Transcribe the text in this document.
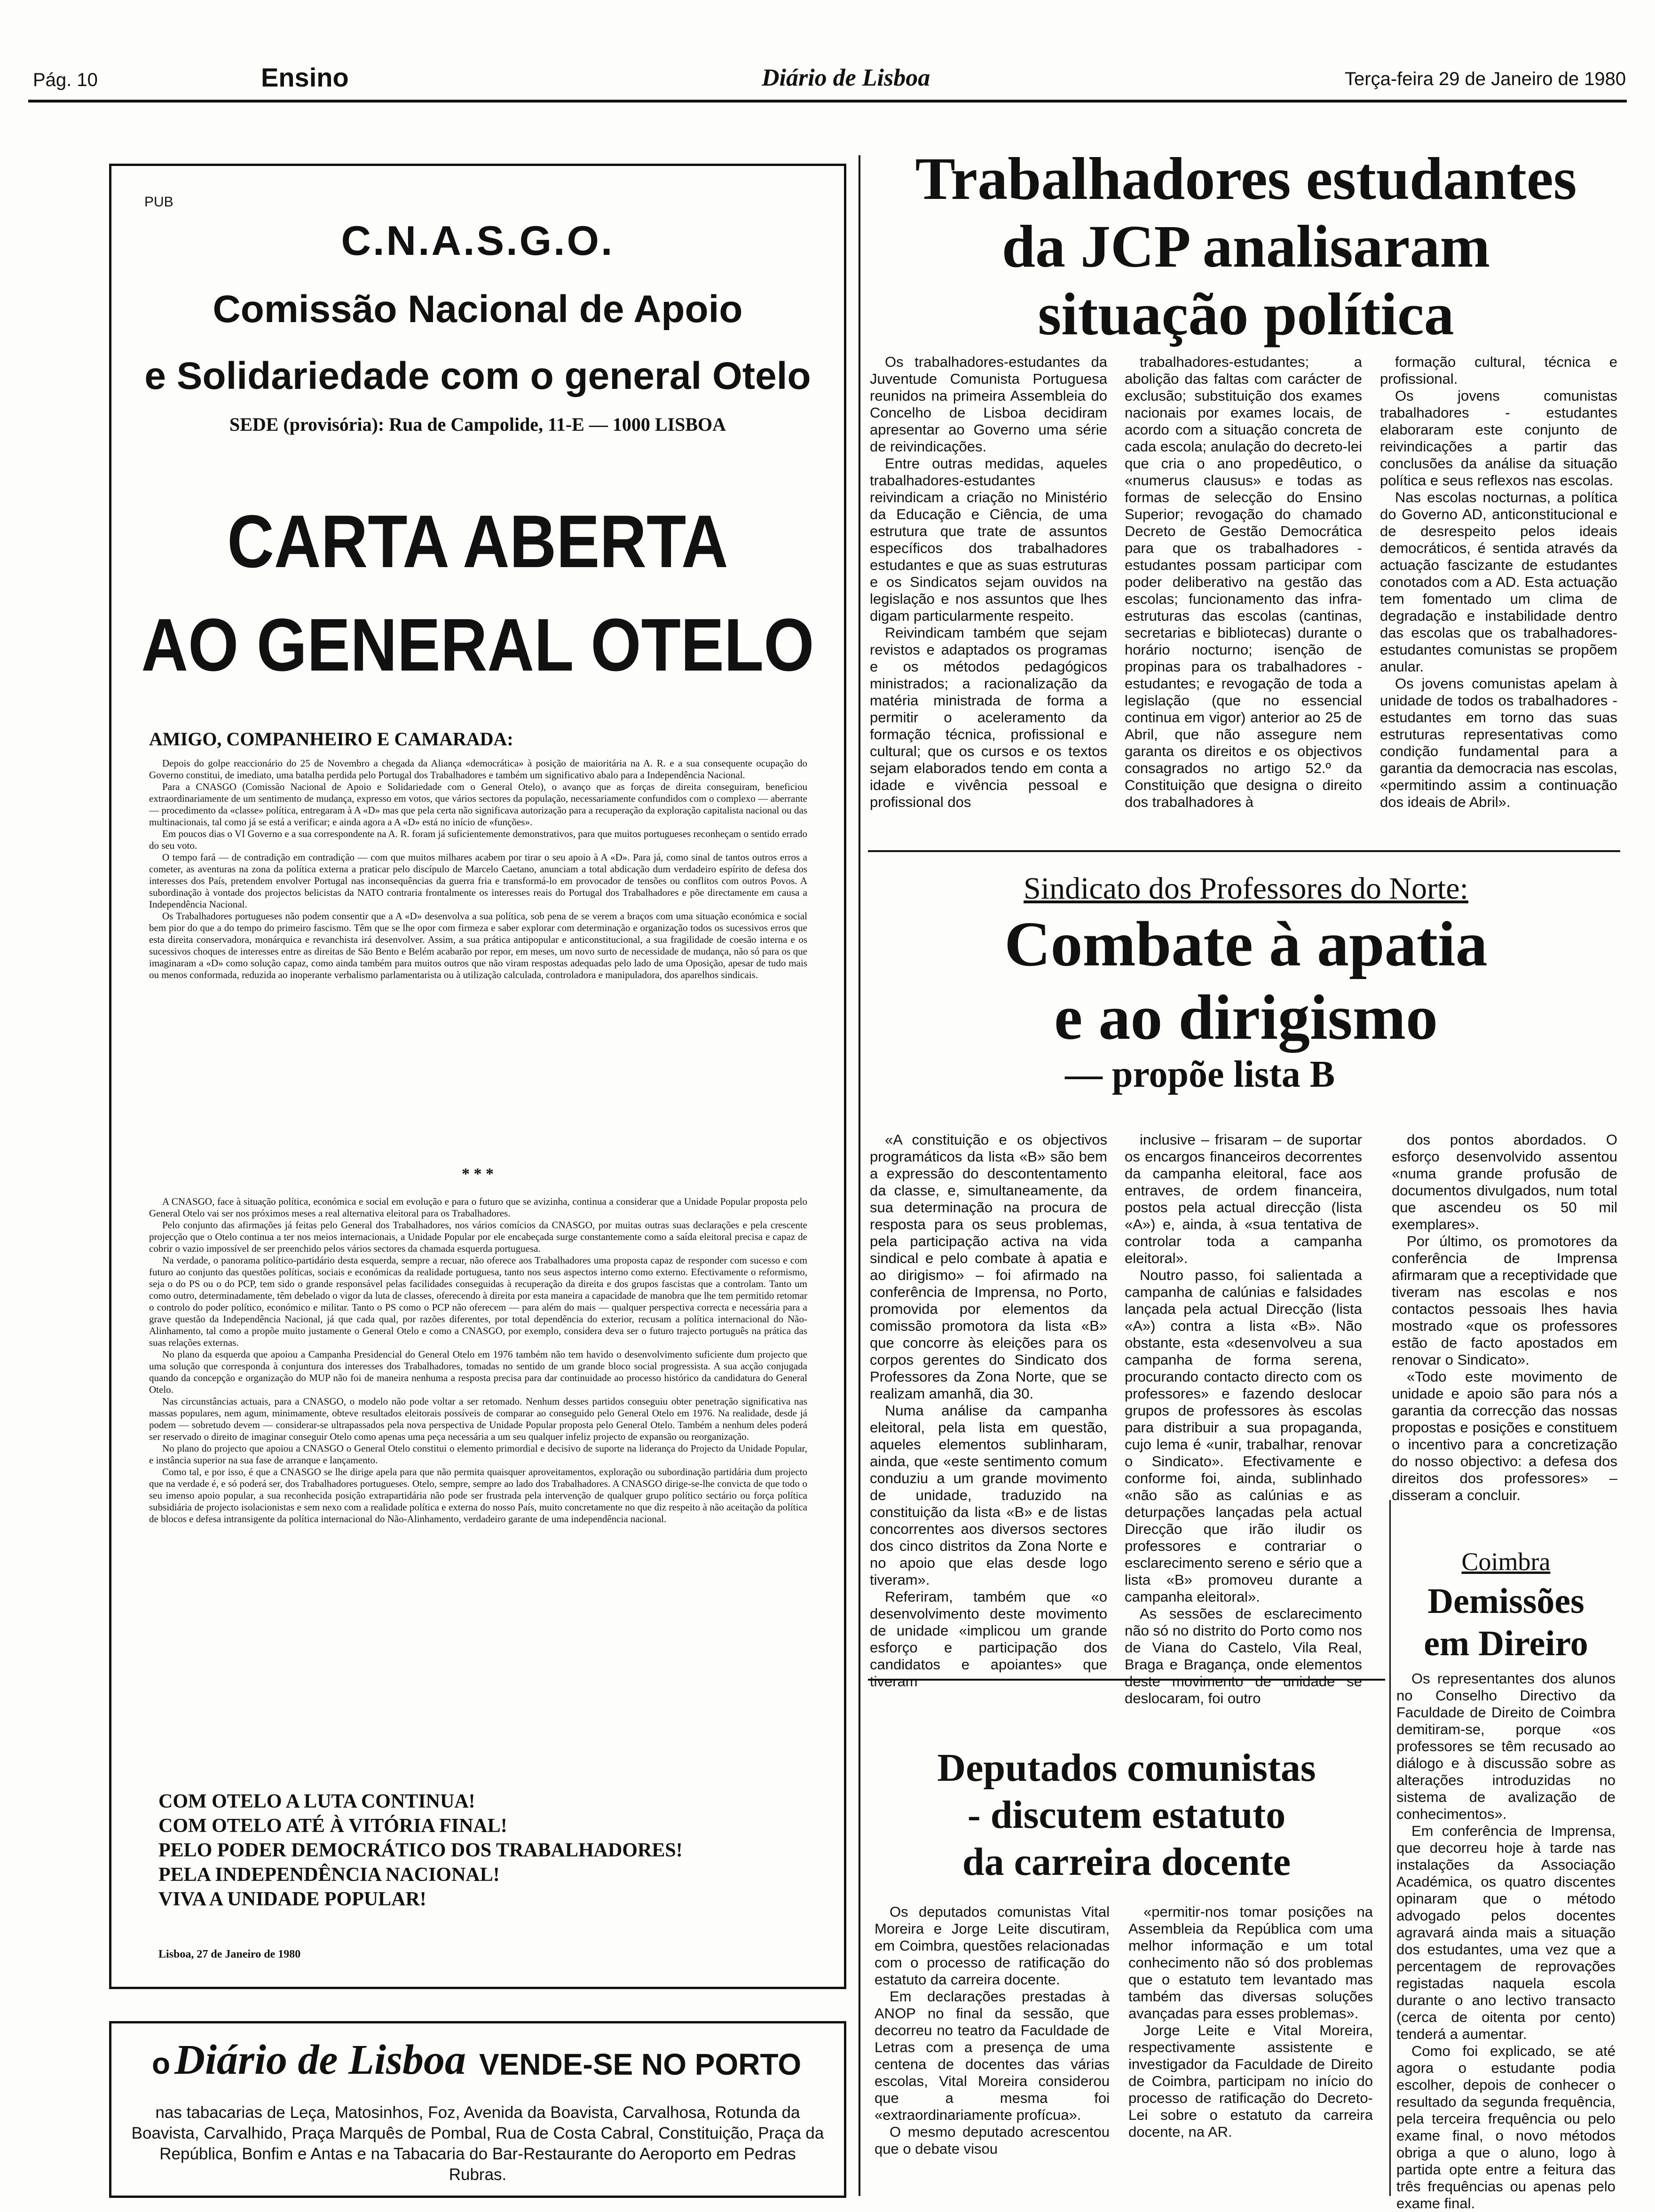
Pág. 10	Ensino	Diário de Lisboa	Terça-feira 29 de Janeiro de 1980
PUB
C.N.A.S.G.O.
Comissão Nacional de Apoio
e Solidariedade com o general Otelo
SEDE (provisória): Rua de Campolide, 11-E — 1000 LISBOA
CARTA ABERTA
AO GENERAL OTELO
AMIGO, COMPANHEIRO E CAMARADA:

Depois do golpe reaccionário do 25 de Novembro a chegada da Aliança «democrática» à posição de maioritária na A. R. e a sua consequente ocupação do Governo constitui, de imediato, uma batalha perdida pelo Portugal dos Trabalhadores e também um significativo abalo para a Independência Nacional.

Para a CNASGO (Comissão Nacional de Apoio e Solidariedade com o General Otelo), o avanço que as forças de direita conseguiram, beneficiou extraordinariamente de um sentimento de mudança, expresso em votos, que vários sectores da população, necessariamente confundidos com o complexo — aberrante — procedimento da «classe» política, entregaram à A «D» mas que pela certa não significava autorização para a recuperação da exploração capitalista nacional ou das multinacionais, tal como já se está a verificar; e ainda agora a A «D» está no início de «funções».

Em poucos dias o VI Governo e a sua correspondente na A. R. foram já suficientemente demonstrativos, para que muitos portugueses reconheçam o sentido errado do seu voto.

O tempo fará — de contradição em contradição — com que muitos milhares acabem por tirar o seu apoio à A «D». Para já, como sinal de tantos outros erros a cometer, as aventuras na zona da política externa a praticar pelo discípulo de Marcelo Caetano, anunciam a total abdicação dum verdadeiro espírito de defesa dos interesses dos País, pretendem envolver Portugal nas inconsequências da guerra fria e transformá-lo em provocador de tensões ou conflitos com outros Povos. A subordinação à vontade dos projectos belicistas da NATO contraria frontalmente os interesses reais do Portugal dos Trabalhadores e põe directamente em causa a Independência Nacional.

Os Trabalhadores portugueses não podem consentir que a A «D» desenvolva a sua política, sob pena de se verem a braços com uma situação económica e social bem pior do que a do tempo do primeiro fascismo. Têm que se lhe opor com firmeza e saber explorar com determinação e organização todos os sucessivos erros que esta direita conservadora, monárquica e revanchista irá desenvolver. Assim, a sua prática antipopular e anticonstitucional, a sua fragilidade de coesão interna e os sucessivos choques de interesses entre as direitas de São Bento e Belém acabarão por repor, em meses, um novo surto de necessidade de mudança, não só para os que imaginaram a «D» como solução capaz, como ainda também para muitos outros que não viram respostas adequadas pelo lado de uma Oposição, apesar de tudo mais ou menos conformada, reduzida ao inoperante verbalismo parlamentarista ou à utilização calculada, controladora e manipuladora, dos aparelhos sindicais.

* * *

A CNASGO, face à situação política, económica e social em evolução e para o futuro que se avizinha, continua a considerar que a Unidade Popular proposta pelo General Otelo vai ser nos próximos meses a real alternativa eleitoral para os Trabalhadores.

Pelo conjunto das afirmações já feitas pelo General dos Trabalhadores, nos vários comícios da CNASGO, por muitas outras suas declarações e pela crescente projecção que o Otelo continua a ter nos meios internacionais, a Unidade Popular por ele encabeçada surge constantemente como a saída eleitoral precisa e capaz de cobrir o vazio impossível de ser preenchido pelos vários sectores da chamada esquerda portuguesa.

Na verdade, o panorama político-partidário desta esquerda, sempre a recuar, não oferece aos Trabalhadores uma proposta capaz de responder com sucesso e com futuro ao conjunto das questões políticas, sociais e económicas da realidade portuguesa, tanto nos seus aspectos interno como externo. Efectivamente o reformismo, seja o do PS ou o do PCP, tem sido o grande responsável pelas facilidades conseguidas à recuperação da direita e dos grupos fascistas que a controlam. Tanto um como outro, determinadamente, têm debelado o vigor da luta de classes, oferecendo à direita por esta maneira a capacidade de manobra que lhe tem permitido retomar o controlo do poder político, económico e militar. Tanto o PS como o PCP não oferecem — para além do mais — qualquer perspectiva correcta e necessária para a grave questão da Independência Nacional, já que cada qual, por razões diferentes, por total dependência do exterior, recusam a política internacional do Não-Alinhamento, tal como a propõe muito justamente o General Otelo e como a CNASGO, por exemplo, considera deva ser o futuro trajecto português na prática das suas relações externas.

No plano da esquerda que apoiou a Campanha Presidencial do General Otelo em 1976 também não tem havido o desenvolvimento suficiente dum projecto que uma solução que corresponda à conjuntura dos interesses dos Trabalhadores, tomadas no sentido de um grande bloco social progressista. A sua acção conjugada quando da concepção e organização do MUP não foi de maneira nenhuma a resposta precisa para dar continuidade ao processo histórico da candidatura do General Otelo.

Nas circunstâncias actuais, para a CNASGO, o modelo não pode voltar a ser retomado. Nenhum desses partidos conseguiu obter penetração significativa nas massas populares, nem agum, minimamente, obteve resultados eleitorais possíveis de comparar ao conseguido pelo General Otelo em 1976. Na realidade, desde já podem — sobretudo devem — considerar-se ultrapassados pela nova perspectiva de Unidade Popular proposta pelo General Otelo. Também a nenhum deles poderá ser reservado o direito de imaginar conseguir Otelo como apenas uma peça necessária a um seu qualquer infeliz projecto de expansão ou reorganização.

No plano do projecto que apoiou a CNASGO o General Otelo constitui o elemento primordial e decisivo de suporte na liderança do Projecto da Unidade Popular, e instância superior na sua fase de arranque e lançamento.

Como tal, e por isso, é que a CNASGO se lhe dirige apela para que não permita quaisquer aproveitamentos, exploração ou subordinação partidária dum projecto que na verdade é, e só poderá ser, dos Trabalhadores portugueses. Otelo, sempre, sempre ao lado dos Trabalhadores. A CNASGO dirige-se-lhe convicta de que todo o seu imenso apoio popular, a sua reconhecida posição extrapartidária não pode ser frustrada pela intervenção de qualquer grupo político sectário ou força política subsidiária de projecto isolacionistas e sem nexo com a realidade política e externa do nosso País, muito concretamente no que diz respeito à não aceitação da política de blocos e defesa intransigente da política internacional do Não-Alinhamento, verdadeiro garante de uma independência nacional.

COM OTELO A LUTA CONTINUA!
COM OTELO ATÉ À VITÓRIA FINAL!
PELO PODER DEMOCRÁTICO DOS TRABALHADORES!
PELA INDEPENDÊNCIA NACIONAL!
VIVA A UNIDADE POPULAR!
Lisboa, 27 de Janeiro de 1980
o Diário de Lisboa VENDE-SE NO PORTO
nas tabacarias de Leça, Matosinhos, Foz, Avenida da Boavista, Carvalhosa, Rotunda da Boavista, Carvalhido, Praça Marquês de Pombal, Rua de Costa Cabral, Constituição, Praça da República, Bonfim e Antas e na Tabacaria do Bar-Restaurante do Aeroporto em Pedras Rubras.
Trabalhadores estudantes
da JCP analisaram
situação política

Os trabalhadores-estudantes da Juventude Comunista Portuguesa reunidos na primeira Assembleia do Concelho de Lisboa decidiram apresentar ao Governo uma série de reivindicações.

Entre outras medidas, aqueles trabalhadores-estudantes reivindicam a criação no Ministério da Educação e Ciência, de uma estrutura que trate de assuntos específicos dos trabalhadores estudantes e que as suas estruturas e os Sindicatos sejam ouvidos na legislação e nos assuntos que lhes digam particularmente respeito.

Reivindicam também que sejam revistos e adaptados os programas e os métodos pedagógicos ministrados; a racionalização da matéria ministrada de forma a permitir o aceleramento da formação técnica, profissional e cultural; que os cursos e os textos sejam elaborados tendo em conta a idade e vivência pessoal e profissional dos

trabalhadores-estudantes; a abolição das faltas com carácter de exclusão; substituição dos exames nacionais por exames locais, de acordo com a situação concreta de cada escola; anulação do decreto-lei que cria o ano propedêutico, o «numerus clausus» e todas as formas de selecção do Ensino Superior; revogação do chamado Decreto de Gestão Democrática para que os trabalhadores - estudantes possam participar com poder deliberativo na gestão das escolas; funcionamento das infra-estruturas das escolas (cantinas, secretarias e bibliotecas) durante o horário nocturno; isenção de propinas para os trabalhadores - estudantes; e revogação de toda a legislação (que no essencial continua em vigor) anterior ao 25 de Abril, que não assegure nem garanta os direitos e os objectivos consagrados no artigo 52.º da Constituição que designa o direito dos trabalhadores à

formação cultural, técnica e profissional.

Os jovens comunistas trabalhadores - estudantes elaboraram este conjunto de reivindicações a partir das conclusões da análise da situação política e seus reflexos nas escolas.

Nas escolas nocturnas, a política do Governo AD, anticonstitucional e de desrespeito pelos ideais democráticos, é sentida através da actuação fascizante de estudantes conotados com a AD. Esta actuação tem fomentado um clima de degradação e instabilidade dentro das escolas que os trabalhadores-estudantes comunistas se propõem anular.

Os jovens comunistas apelam à unidade de todos os trabalhadores - estudantes em torno das suas estruturas representativas como condição fundamental para a garantia da democracia nas escolas, «permitindo assim a continuação dos ideais de Abril».

Sindicato dos Professores do Norte:
Combate à apatia
e ao dirigismo
— propõe lista B

«A constituição e os objectivos programáticos da lista «B» são bem a expressão do descontentamento da classe, e, simultaneamente, da sua determinação na procura de resposta para os seus problemas, pela participação activa na vida sindical e pelo combate à apatia e ao dirigismo» – foi afirmado na conferência de Imprensa, no Porto, promovida por elementos da comissão promotora da lista «B» que concorre às eleições para os corpos gerentes do Sindicato dos Professores da Zona Norte, que se realizam amanhã, dia 30.

Numa análise da campanha eleitoral, pela lista em questão, aqueles elementos sublinharam, ainda, que «este sentimento comum conduziu a um grande movimento de unidade, traduzido na constituição da lista «B» e de listas concorrentes aos diversos sectores dos cinco distritos da Zona Norte e no apoio que elas desde logo tiveram».

Referiram, também que «o desenvolvimento deste movimento de unidade «implicou um grande esforço e participação dos candidatos e apoiantes» que tiveram

inclusive – frisaram – de suportar os encargos financeiros decorrentes da campanha eleitoral, face aos entraves, de ordem financeira, postos pela actual direcção (lista «A») e, ainda, à «sua tentativa de controlar toda a campanha eleitoral».

Noutro passo, foi salientada a campanha de calúnias e falsidades lançada pela actual Direcção (lista «A») contra a lista «B». Não obstante, esta «desenvolveu a sua campanha de forma serena, procurando contacto directo com os professores» e fazendo deslocar grupos de professores às escolas para distribuir a sua propaganda, cujo lema é «unir, trabalhar, renovar o Sindicato». Efectivamente e conforme foi, ainda, sublinhado «não são as calúnias e as deturpações lançadas pela actual Direcção que irão iludir os professores e contrariar o esclarecimento sereno e sério que a lista «B» promoveu durante a campanha eleitoral».

As sessões de esclarecimento não só no distrito do Porto como nos de Viana do Castelo, Vila Real, Braga e Bragança, onde elementos deste movimento de unidade se deslocaram, foi outro

dos pontos abordados. O esforço desenvolvido assentou «numa grande profusão de documentos divulgados, num total que ascendeu os 50 mil exemplares».

Por último, os promotores da conferência de Imprensa afirmaram que a receptividade que tiveram nas escolas e nos contactos pessoais lhes havia mostrado «que os professores estão de facto apostados em renovar o Sindicato».

«Todo este movimento de unidade e apoio são para nós a garantia da correcção das nossas propostas e posições e constituem o incentivo para a concretização do nosso objectivo: a defesa dos direitos dos professores» – disseram a concluir.

Deputados comunistas
- discutem estatuto
da carreira docente

Os deputados comunistas Vital Moreira e Jorge Leite discutiram, em Coimbra, questões relacionadas com o processo de ratificação do estatuto da carreira docente.

Em declarações prestadas à ANOP no final da sessão, que decorreu no teatro da Faculdade de Letras com a presença de uma centena de docentes das várias escolas, Vital Moreira considerou que a mesma foi «extraordinariamente profícua».

O mesmo deputado acrescentou que o debate visou

«permitir-nos tomar posições na Assembleia da República com uma melhor informação e um total conhecimento não só dos problemas que o estatuto tem levantado mas também das diversas soluções avançadas para esses problemas».

Jorge Leite e Vital Moreira, respectivamente assistente e investigador da Faculdade de Direito de Coimbra, participam no início do processo de ratificação do Decreto-Lei sobre o estatuto da carreira docente, na AR.

Coimbra
Demissões
em Direiro

Os representantes dos alunos no Conselho Directivo da Faculdade de Direito de Coimbra demitiram-se, porque «os professores se têm recusado ao diálogo e à discussão sobre as alterações introduzidas no sistema de avalização de conhecimentos».

Em conferência de Imprensa, que decorreu hoje à tarde nas instalações da Associação Académica, os quatro discentes opinaram que o método advogado pelos docentes agravará ainda mais a situação dos estudantes, uma vez que a percentagem de reprovações registadas naquela escola durante o ano lectivo transacto (cerca de oitenta por cento) tenderá a aumentar.

Como foi explicado, se até agora o estudante podia escolher, depois de conhecer o resultado da segunda frequência, pela terceira frequência ou pelo exame final, o novo métodos obriga a que o aluno, logo à partida opte entre a feitura das três frequências ou apenas pelo exame final.
